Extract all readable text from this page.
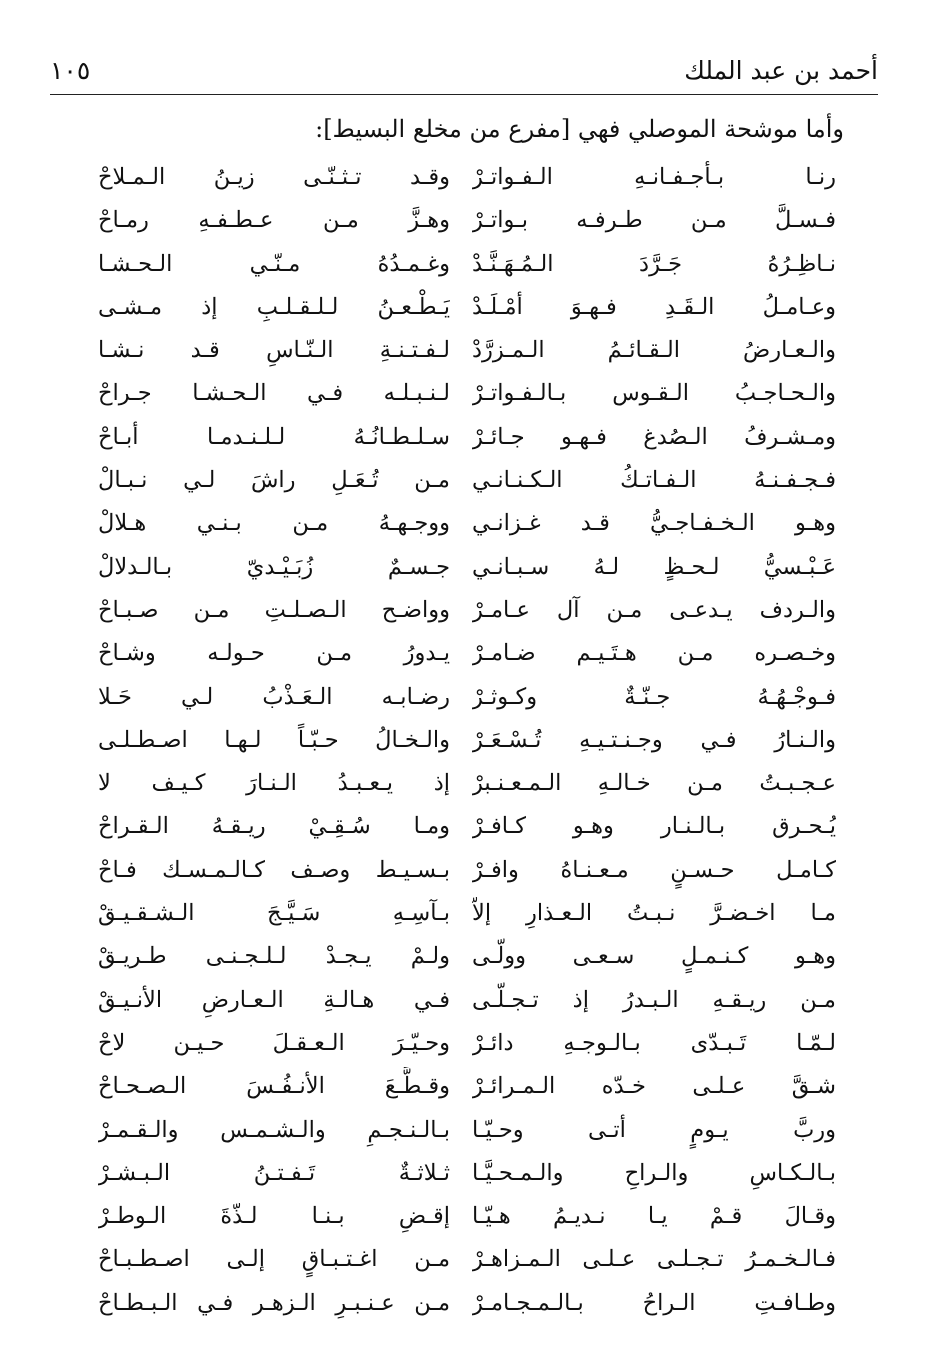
أحمد بن عبد الملك
١٠٥
وأما موشحة الموصلي فهي [مفرع من مخلع البسيط]:
رنـا بـأجـفـانـهِ الـفـواتـرْ
وقـد تـثـنّـى زيـنُ الـمـلاحْ
فـسـلَّ مـن طـرفـه بـواتـرْ
وهـزَّ مـن عـطـفـهِ رمـاحْ
نـاظِـرُهُ جَـرَّدَ الـمُـهَـنَّـدْ
وغـمـدُهُ مـنّـي الـحـشـا
وعـامـلُ الـقَـدِ فـهـوَ أمْـلَـدْ
يَـطْـعـنُ لـلـقـلـبِ إذ مـشـى
والـعـارضُ الـقـائـمُ الـمـزرَّدْ
لـفـتـنـةِ الـنّـاسِ قـد نـشـا
والـحـاجـبُ الـقـوس بـالـفـواتـرْ
لـنـبـلـه فـي الـحـشـا جـراحْ
ومـشـرفُ الـصُدغ فـهـو جـائـرْ
سـلـطـانُـهُ لـلـنـدمـا أبـاحْ
فـجـفـنـهُ الـفـاتـكُ الـكـنـانـي
مـن تُـعَـلِ راشَ لـي نـبـالْ
وهـو الـخـفـاجـيُّ قـد غـزانـي
ووجـهـهُ مـن بـنـي هـلالْ
عَـبْـسيُّ لـحـظٍ لـهُ سـبـانـي
جـسـمٌ زُبَـيْـديّ بـالـدلالْ
والـردف يـدعـى مـن آل عـامـرْ
وواضـح الـصـلـتِ مـن صـبـاحْ
وخـصـره مـن هـتَـيـم ضـامـرْ
يـدورُ مـن حـولـه وشـاحْ
فـوجْـهُـهُ جـنّـةٌ وكـوثـرْ
رضـابـه الـعَـذْبُ لـي حَـلا
والـنـارُ فـي وجـنـتـيـهِ تُـسْـعَـرْ
والـخـالُ حـبّـاً لـهـا اصـطـلـى
عـجـبـتُ مـن خـالـهِ الـمـعـنـبرْ
إذ يـعـبـدُ الـنـارَ كـيـف لا
يُـحـرق بـالـنـار وهـو كـافـرْ
ومـا سُـقِـيْ ريـقـهُ الـقـراحْ
كـامـل حـسـنٍ مـعـنـاهُ وافـرْ
بـسـيـط وصـف كـالـمـسـك فـاحْ
مـا اخـضـرَّ نـبـتُ الـعـذارِ إلاّ
بـآسِـهِ سَـيَّـجَ الـشـقـيـقْ
وهـو كـنـمـلٍ سـعـى وولّـى
ولـمْ يـجـدْ لـلـجـنـى طـريـقْ
مـن ريـقـهِ الـبـدرُ إذ تـجـلّـى
فـي هـالـةِ الـعـارضِ الأنـيـقْ
لـمّـا تَـبـدّى بـالـوجـهِ دائـرْ
وحـيّـرَ الـعـقـلَ حـيـن لاحْ
شـقَّ عـلـى خـدّه الـمـرائـرْ
وقـطَّـعَ الأنـفُـسَ الـصـحـاحْ
وربَّ يـومٍ أتـى وحـيّـا
بـالـنـجـمِ والـشـمـس والـقـمـرْ
بـالـكـاسِ والـراحِ والـمـحـيَّـا
ثـلاثـةٌ تَـفـتـنُ الـبـشـرْ
وقـالَ قـمْ يـا نـديـمُ هـيّـا
إقـضِ بـنـا لـذّةَ الـوطـرْ
فـالـخـمـرُ تـجـلـى عـلـى الـمـزاهـرْ
مـن اغـتـبـاقٍ إلـى اصـطـبـاحْ
وطـافـتِ الـراحُ بـالـمـجـامـرْ
مـن عـنـبـرِ الـزهـر فـي الـبـطـاحْ
